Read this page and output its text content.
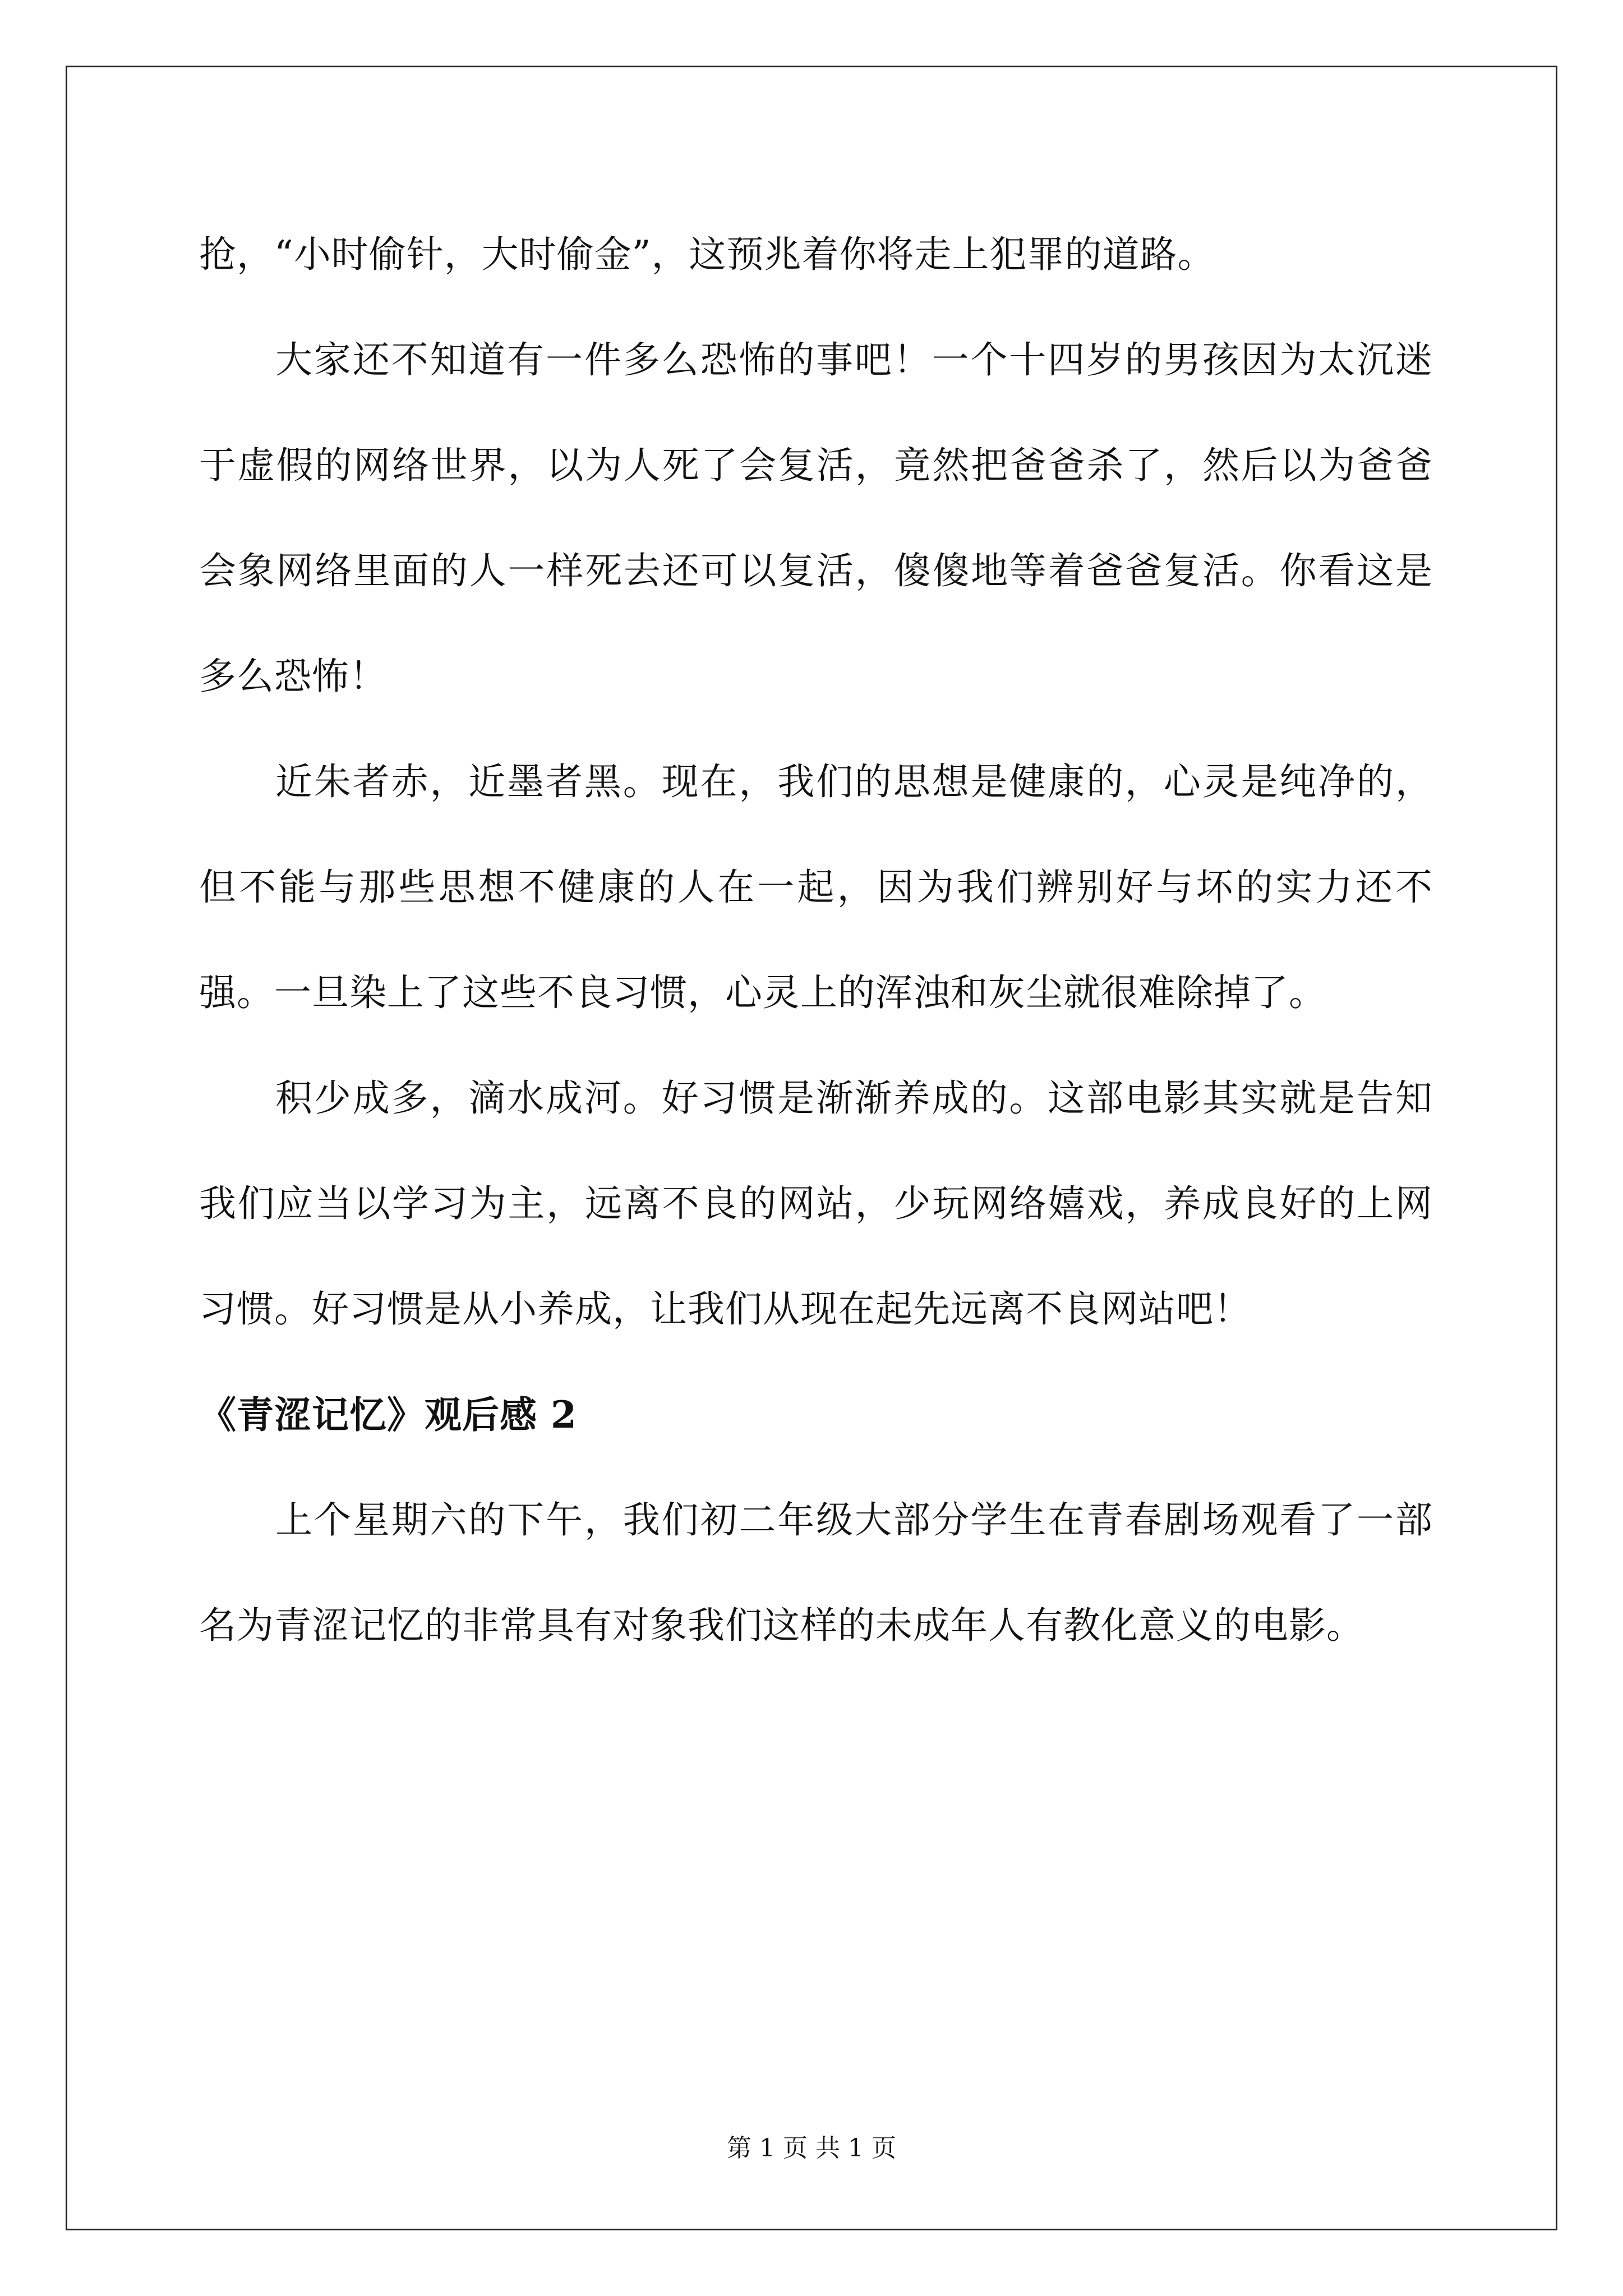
抢，“小时偷针，大时偷金”，这预兆着你将走上犯罪的道路。

大家还不知道有一件多么恐怖的事吧！一个十四岁的男孩因为太沉迷于虚假的网络世界，以为人死了会复活，竟然把爸爸杀了，然后以为爸爸会象网络里面的人一样死去还可以复活，傻傻地等着爸爸复活。你看这是多么恐怖！

近朱者赤，近墨者黑。现在，我们的思想是健康的，心灵是纯净的，但不能与那些思想不健康的人在一起，因为我们辨别好与坏的实力还不强。一旦染上了这些不良习惯，心灵上的浑浊和灰尘就很难除掉了。

积少成多，滴水成河。好习惯是渐渐养成的。这部电影其实就是告知我们应当以学习为主，远离不良的网站，少玩网络嬉戏，养成良好的上网习惯。好习惯是从小养成，让我们从现在起先远离不良网站吧！

《青涩记忆》观后感 2

上个星期六的下午，我们初二年级大部分学生在青春剧场观看了一部名为青涩记忆的非常具有对象我们这样的未成年人有教化意义的电影。

第 1 页 共 1 页
